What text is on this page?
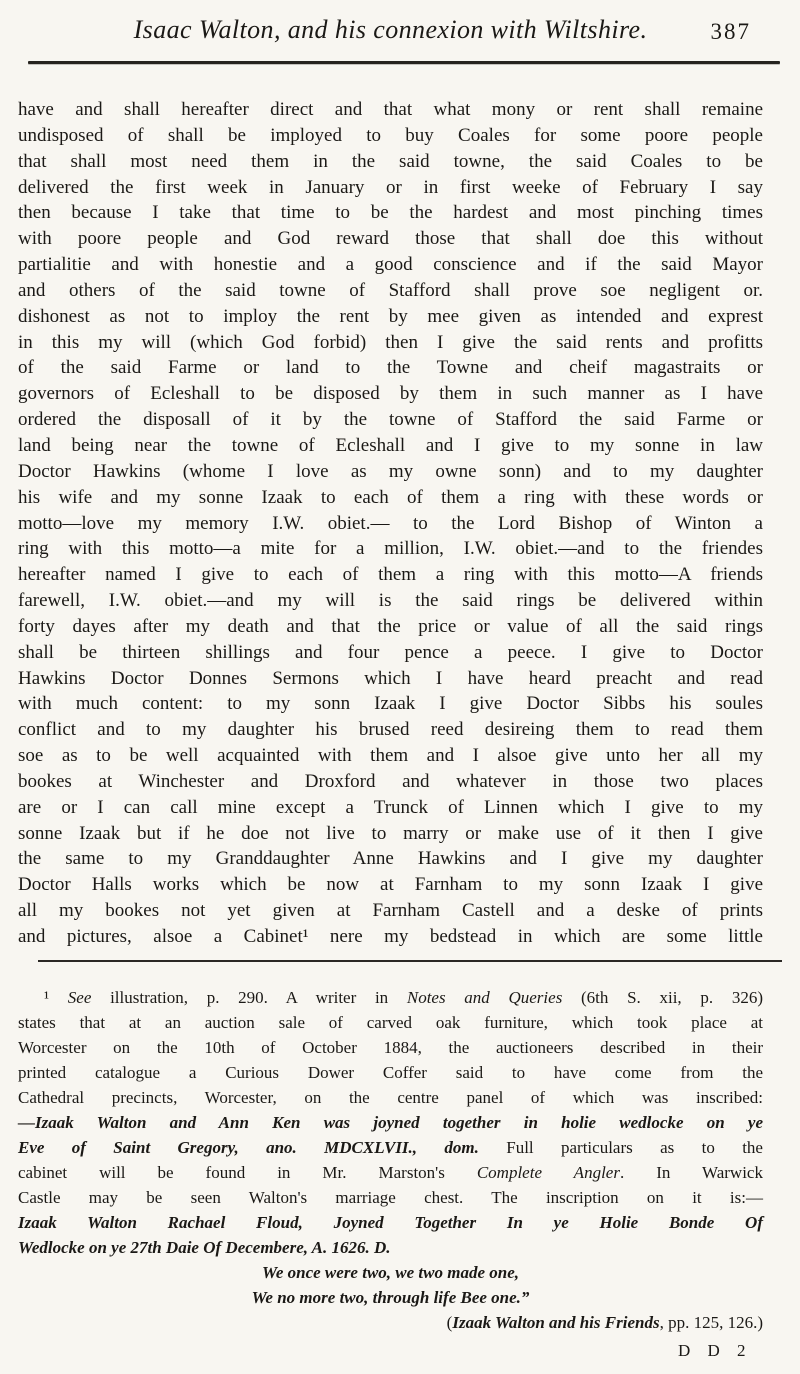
Isaac Walton, and his connexion with Wiltshire.	387
have and shall hereafter direct and that what mony or rent shall remaine
undisposed of shall be imployed to buy Coales for some poore people
that shall most need them in the said towne, the said Coales to be
delivered the first week in January or in first weeke of February I say
then because I take that time to be the hardest and most pinching times
with poore people and God reward those that shall doe this without
partialitie and with honestie and a good conscience and if the said Mayor
and others of the said towne of Stafford shall prove soe negligent or.
dishonest as not to imploy the rent by mee given as intended and exprest
in this my will (which God forbid) then I give the said rents and profitts
of the said Farme or land to the Towne and cheif magastraits or
governors of Ecleshall to be disposed by them in such manner as I have
ordered the disposall of it by the towne of Stafford the said Farme or
land being near the towne of Ecleshall and I give to my sonne in law
Doctor Hawkins (whome I love as my owne sonn) and to my daughter
his wife and my sonne Izaak to each of them a ring with these words or
motto—love my memory I.W. obiet.— to the Lord Bishop of Winton a
ring with this motto—a mite for a million, I.W. obiet.—and to the friendes
hereafter named I give to each of them a ring with this motto—A friends
farewell, I.W. obiet.—and my will is the said rings be delivered within
forty dayes after my death and that the price or value of all the said rings
shall be thirteen shillings and four pence a peece. I give to Doctor
Hawkins Doctor Donnes Sermons which I have heard preacht and read
with much content: to my sonn Izaak I give Doctor Sibbs his soules
conflict and to my daughter his brused reed desireing them to read them
soe as to be well acquainted with them and I alsoe give unto her all my
bookes at Winchester and Droxford and whatever in those two places
are or I can call mine except a Trunck of Linnen which I give to my
sonne Izaak but if he doe not live to marry or make use of it then I give
the same to my Granddaughter Anne Hawkins and I give my daughter
Doctor Halls works which be now at Farnham to my sonn Izaak I give
all my bookes not yet given at Farnham Castell and a deske of prints
and pictures, alsoe a Cabinet¹ nere my bedstead in which are some little
¹ See illustration, p. 290. A writer in Notes and Queries (6th S. xii, p. 326)
states that at an auction sale of carved oak furniture, which took place at
Worcester on the 10th of October 1884, the auctioneers described in their
printed catalogue a Curious Dower Coffer said to have come from the
Cathedral precincts, Worcester, on the centre panel of which was inscribed:
—Izaak Walton and Ann Ken was joyned together in holie wedlocke on ye
Eve of Saint Gregory, ano. MDCXLVII., dom. Full particulars as to the
cabinet will be found in Mr. Marston's Complete Angler. In Warwick
Castle may be seen Walton's marriage chest. The inscription on it is:—
Izaak Walton Rachael Floud, Joyned Together In ye Holie Bonde Of
Wedlocke on ye 27th Daie Of Decembere, A. 1626. D.
We once were two, we two made one,
We no more two, through life Bee one.”
(Izaak Walton and his Friends, pp. 125, 126.)
D D 2
